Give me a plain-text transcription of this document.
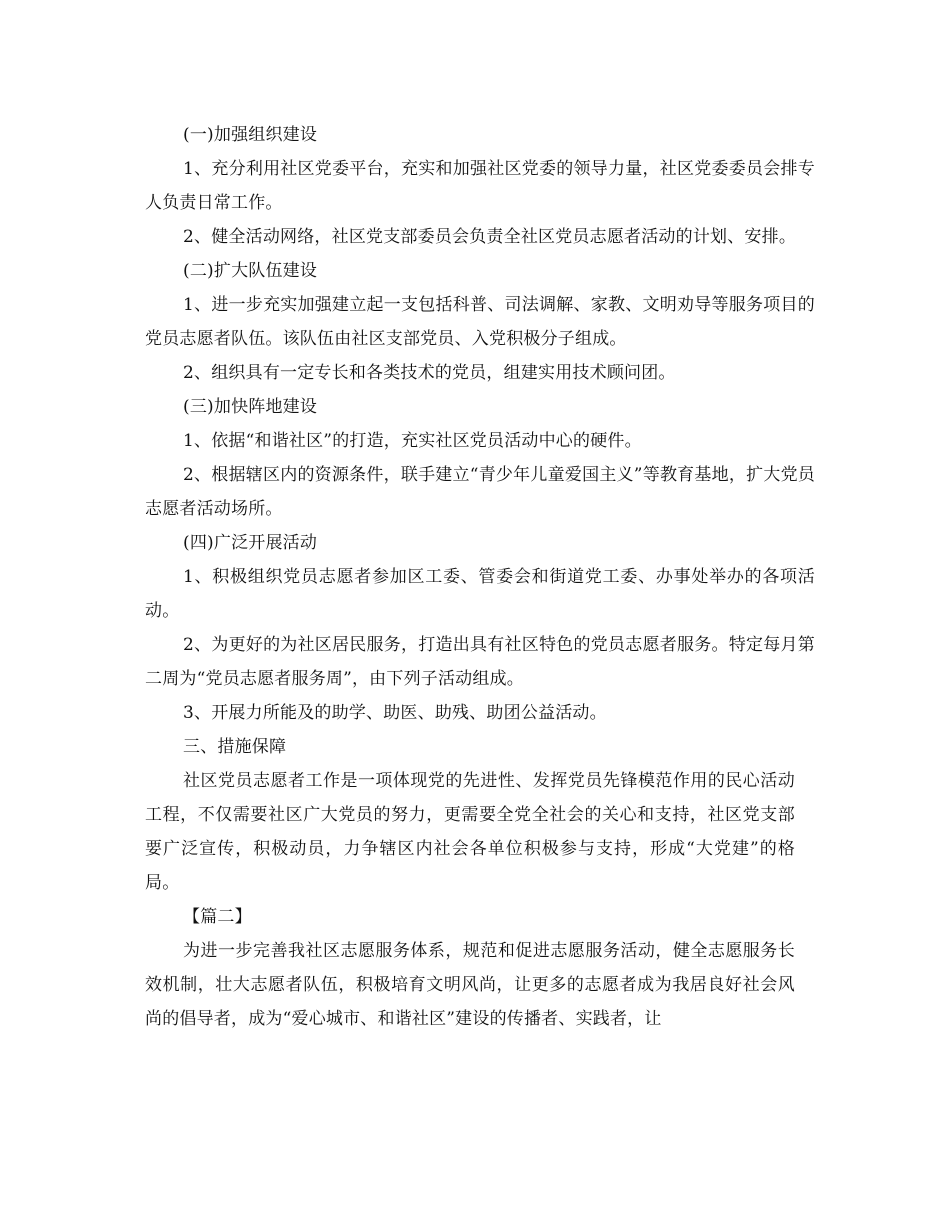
(一)加强组织建设

1、充分利用社区党委平台，充实和加强社区党委的领导力量，社区党委委员会排专人负责日常工作。

2、健全活动网络，社区党支部委员会负责全社区党员志愿者活动的计划、安排。

(二)扩大队伍建设

1、进一步充实加强建立起一支包括科普、司法调解、家教、文明劝导等服务项目的党员志愿者队伍。该队伍由社区支部党员、入党积极分子组成。

2、组织具有一定专长和各类技术的党员，组建实用技术顾问团。

(三)加快阵地建设

1、依据“和谐社区”的打造，充实社区党员活动中心的硬件。

2、根据辖区内的资源条件，联手建立“青少年儿童爱国主义”等教育基地，扩大党员志愿者活动场所。

(四)广泛开展活动

1、积极组织党员志愿者参加区工委、管委会和街道党工委、办事处举办的各项活动。

2、为更好的为社区居民服务，打造出具有社区特色的党员志愿者服务。特定每月第二周为“党员志愿者服务周”，由下列子活动组成。

3、开展力所能及的助学、助医、助残、助团公益活动。

三、措施保障

社区党员志愿者工作是一项体现党的先进性、发挥党员先锋模范作用的民心活动工程，不仅需要社区广大党员的努力，更需要全党全社会的关心和支持，社区党支部要广泛宣传，积极动员，力争辖区内社会各单位积极参与支持，形成“大党建”的格局。

【篇二】

为进一步完善我社区志愿服务体系，规范和促进志愿服务活动，健全志愿服务长效机制，壮大志愿者队伍，积极培育文明风尚，让更多的志愿者成为我居良好社会风尚的倡导者，成为“爱心城市、和谐社区”建设的传播者、实践者，让
